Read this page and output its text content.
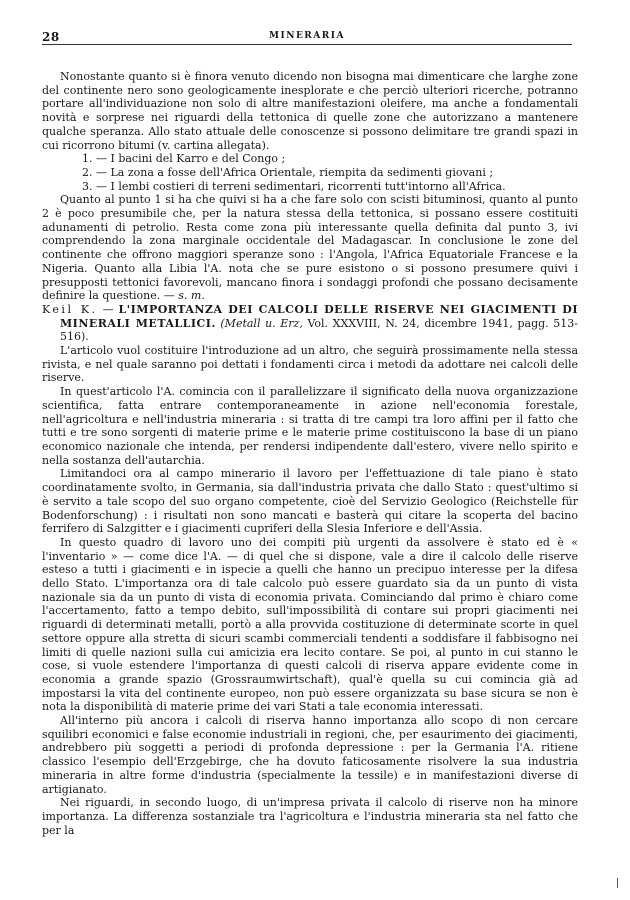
28	MINERARIA

Nonostante quanto si è finora venuto dicendo non bisogna mai dimenticare che larghe zone del continente nero sono geologicamente inesplorate e che perciò ulteriori ricerche, potranno portare all'individuazione non solo di altre manifestazioni oleifere, ma anche a fondamentali novità e sorprese nei riguardi della tettonica di quelle zone che autorizzano a mantenere qualche speranza. Allo stato attuale delle conoscenze si possono delimitare tre grandi spazi in cui ricorrono bitumi (v. cartina allegata).

1. — I bacini del Karro e del Congo ;
2. — La zona a fosse dell'Africa Orientale, riempita da sedimenti giovani ;
3. — I lembi costieri di terreni sedimentari, ricorrenti tutt'intorno all'Africa.

Quanto al punto 1 si ha che quivi si ha a che fare solo con scisti bituminosi, quanto al punto 2 è poco presumibile che, per la natura stessa della tettonica, si possano essere costituiti adunamenti di petrolio. Resta come zona più interessante quella definita dal punto 3, ivi comprendendo la zona marginale occidentale del Madagascar. In conclusione le zone del continente che offrono maggiori speranze sono : l'Angola, l'Africa Equatoriale Francese e la Nigeria. Quanto alla Libia l'A. nota che se pure esistono o si possono presumere quivi i presupposti tettonici favorevoli, mancano finora i sondaggi profondi che possano decisamente definire la questione. — s. m.

Keil K. — L'IMPORTANZA DEI CALCOLI DELLE RISERVE NEI GIACIMENTI DI MINERALI METALLICI. (Metall u. Erz, Vol. XXXVIII, N. 24, dicembre 1941, pagg. 513-516).

L'articolo vuol costituire l'introduzione ad un altro, che seguirà prossimamente nella stessa rivista, e nel quale saranno poi dettati i fondamenti circa i metodi da adottare nei calcoli delle riserve.

In quest'articolo l'A. comincia con il parallelizzare il significato della nuova organizzazione scientifica, fatta entrare contemporaneamente in azione nell'economia forestale, nell'agricoltura e nell'industria mineraria : si tratta di tre campi tra loro affini per il fatto che tutti e tre sono sorgenti di materie prime e le materie prime costituiscono la base di un piano economico nazionale che intenda, per rendersi indipendente dall'estero, vivere nello spirito e nella sostanza dell'autarchia.

Limitandoci ora al campo minerario il lavoro per l'effettuazione di tale piano è stato coordinatamente svolto, in Germania, sia dall'industria privata che dallo Stato : quest'ultimo si è servito a tale scopo del suo organo competente, cioè del Servizio Geologico (Reichstelle für Bodenforschung) : i risultati non sono mancati e basterà qui citare la scoperta del bacino ferrifero di Salzgitter e i giacimenti cupriferi della Slesia Inferiore e dell'Assia.

In questo quadro di lavoro uno dei compiti più urgenti da assolvere è stato ed è « l'inventario » — come dice l'A. — di quel che si dispone, vale a dire il calcolo delle riserve esteso a tutti i giacimenti e in ispecie a quelli che hanno un precipuo interesse per la difesa dello Stato. L'importanza ora di tale calcolo può essere guardato sia da un punto di vista nazionale sia da un punto di vista di economia privata. Cominciando dal primo è chiaro come l'accertamento, fatto a tempo debito, sull'impossibilità di contare sui propri giacimenti nei riguardi di determinati metalli, portò a alla provvida costituzione di determinate scorte in quel settore oppure alla stretta di sicuri scambi commerciali tendenti a soddisfare il fabbisogno nei limiti di quelle nazioni sulla cui amicizia era lecito contare. Se poi, al punto in cui stanno le cose, si vuole estendere l'importanza di questi calcoli di riserva appare evidente come in economia a grande spazio (Grossraumwirtschaft), qual'è quella su cui comincia già ad impostarsi la vita del continente europeo, non può essere organizzata su base sicura se non è nota la disponibilità di materie prime dei vari Stati a tale economia interessati.

All'interno più ancora i calcoli di riserva hanno importanza allo scopo di non cercare squilibri economici e false economie industriali in regioni, che, per esaurimento dei giacimenti, andrebbero più soggetti a periodi di profonda depressione : per la Germania l'A. ritiene classico l'esempio dell'Erzgebirge, che ha dovuto faticosamente risolvere la sua industria mineraria in altre forme d'industria (specialmente la tessile) e in manifestazioni diverse di artigianato.

Nei riguardi, in secondo luogo, di un'impresa privata il calcolo di riserve non ha minore importanza. La differenza sostanziale tra l'agricoltura e l'industria mineraria sta nel fatto che per la
